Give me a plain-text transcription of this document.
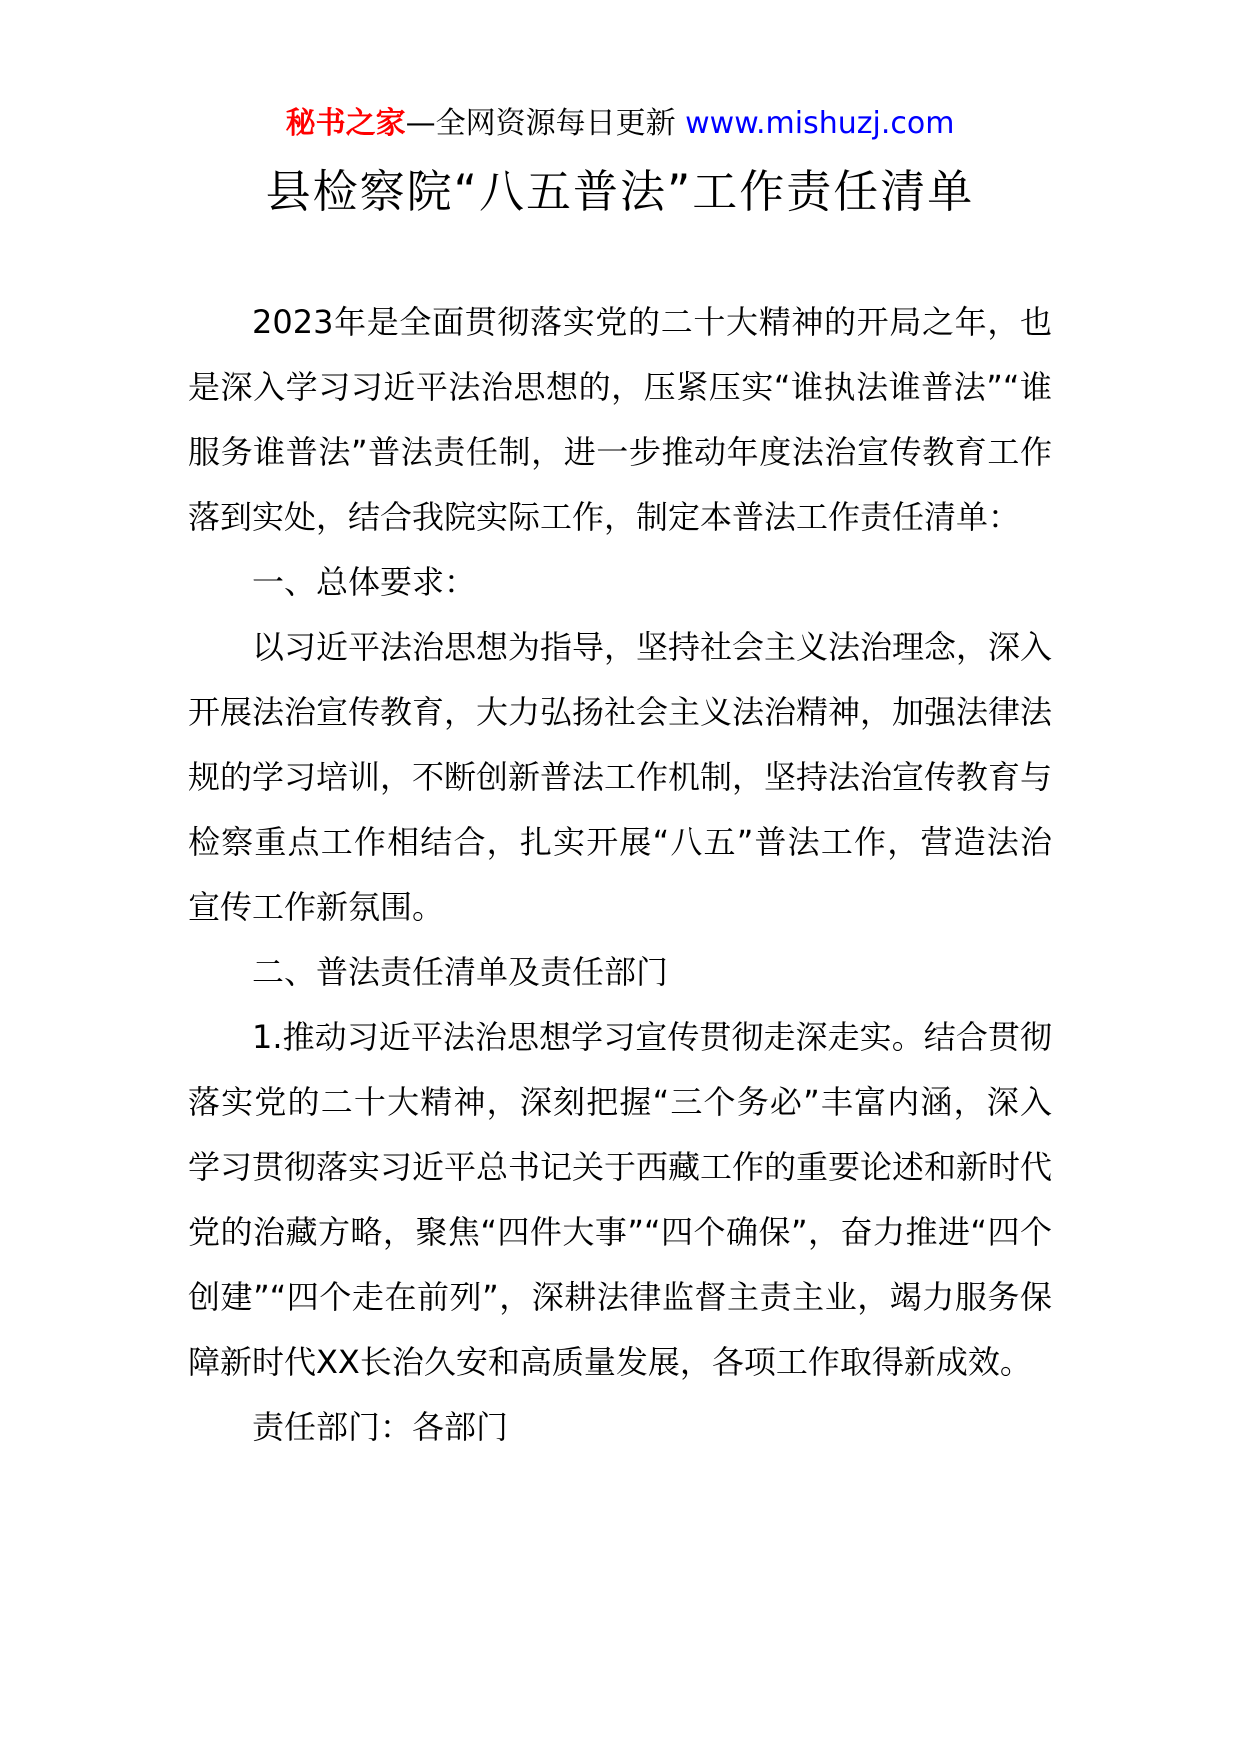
秘书之家—全网资源每日更新 www.mishuzj.com
县检察院“八五普法”工作责任清单

2023年是全面贯彻落实党的二十大精神的开局之年，也是深入学习习近平法治思想的，压紧压实“谁执法谁普法”“谁服务谁普法”普法责任制，进一步推动年度法治宣传教育工作落到实处，结合我院实际工作，制定本普法工作责任清单：

一、总体要求：

以习近平法治思想为指导，坚持社会主义法治理念，深入开展法治宣传教育，大力弘扬社会主义法治精神，加强法律法规的学习培训，不断创新普法工作机制，坚持法治宣传教育与检察重点工作相结合，扎实开展“八五”普法工作，营造法治宣传工作新氛围。

二、普法责任清单及责任部门

1.推动习近平法治思想学习宣传贯彻走深走实。结合贯彻落实党的二十大精神，深刻把握“三个务必”丰富内涵，深入学习贯彻落实习近平总书记关于西藏工作的重要论述和新时代党的治藏方略，聚焦“四件大事”“四个确保”，奋力推进“四个创建”“四个走在前列”，深耕法律监督主责主业，竭力服务保障新时代XX长治久安和高质量发展，各项工作取得新成效。

责任部门：各部门
